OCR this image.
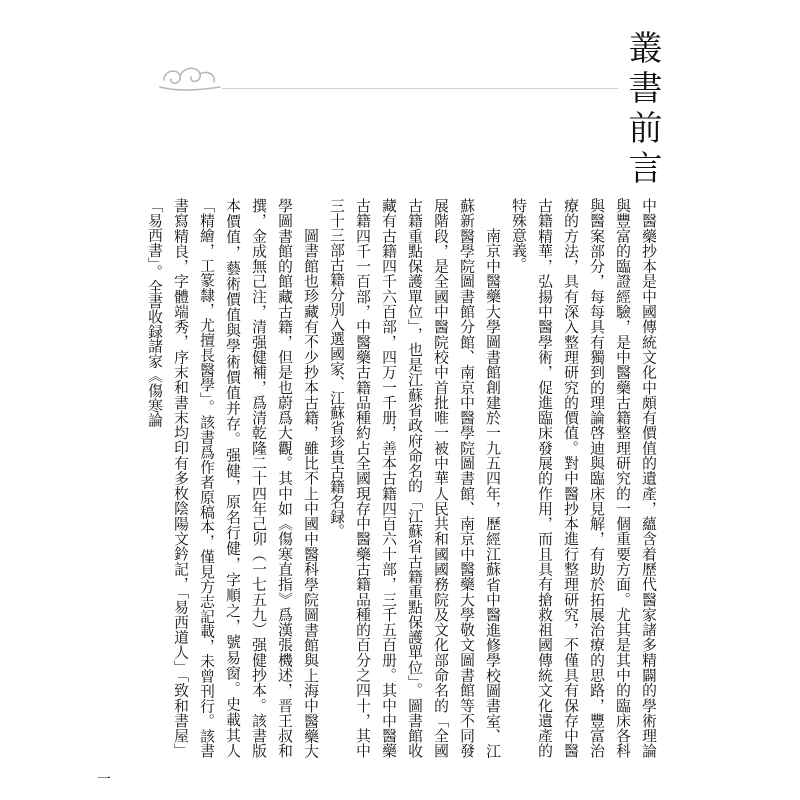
叢書前言

中醫藥抄本是中國傳統文化中頗有價值的遺產，蘊含着歷代醫家諸多精闢的學術理論與豐富的臨證經驗，是中醫藥古籍整理研究的一個重要方面。尤其是其中的臨床各科與醫案部分，每每具有獨到的理論啓迪與臨床見解，有助於拓展治療的思路，豐富治療的方法，具有深入整理研究的價值。對中醫抄本進行整理研究，不僅具有保存中醫古籍精華，弘揚中醫學術，促進臨床發展的作用，而且具有搶救祖國傳統文化遺產的特殊意義。

南京中醫藥大學圖書館創建於一九五四年，歷經江蘇省中醫進修學校圖書室、江蘇新醫學院圖書館分館、南京中醫學院圖書館、南京中醫藥大學敬文圖書館等不同發展階段，是全國中醫院校中首批唯一被中華人民共和國國務院及文化部命名的「全國古籍重點保護單位」，也是江蘇省政府命名的「江蘇省古籍重點保護單位」。圖書館收藏有古籍四千六百部，四万一千册，善本古籍四百六十部，三千五百册。其中中醫藥古籍四千一百部，中醫藥古籍品種約占全國現存中醫藥古籍品種的百分之四十，其中三十三部古籍分別入選國家、江蘇省珍貴古籍名録。

圖書館也珍藏有不少抄本古籍，雖比不上中國中醫科學院圖書館與上海中醫藥大學圖書館的館藏古籍，但是也蔚爲大觀。其中如《傷寒直指》爲漢張機述，晋王叔和撰，金成無己注，清强健補，爲清乾隆二十四年己卯（一七五九）强健抄本。該書版本價值，藝術價值與學術價值并存。强健，原名行健，字順之，號易窗。史載其人「精繪，工篆隸，尤擅長醫學」。該書爲作者原稿本，僅見方志記載，未曾刊行。該書書寫精良，字體端秀，序末和書末均印有多枚陰陽文鈐記，「易西道人」「致和書屋」「易西書」。全書收録諸家《傷寒論

一
